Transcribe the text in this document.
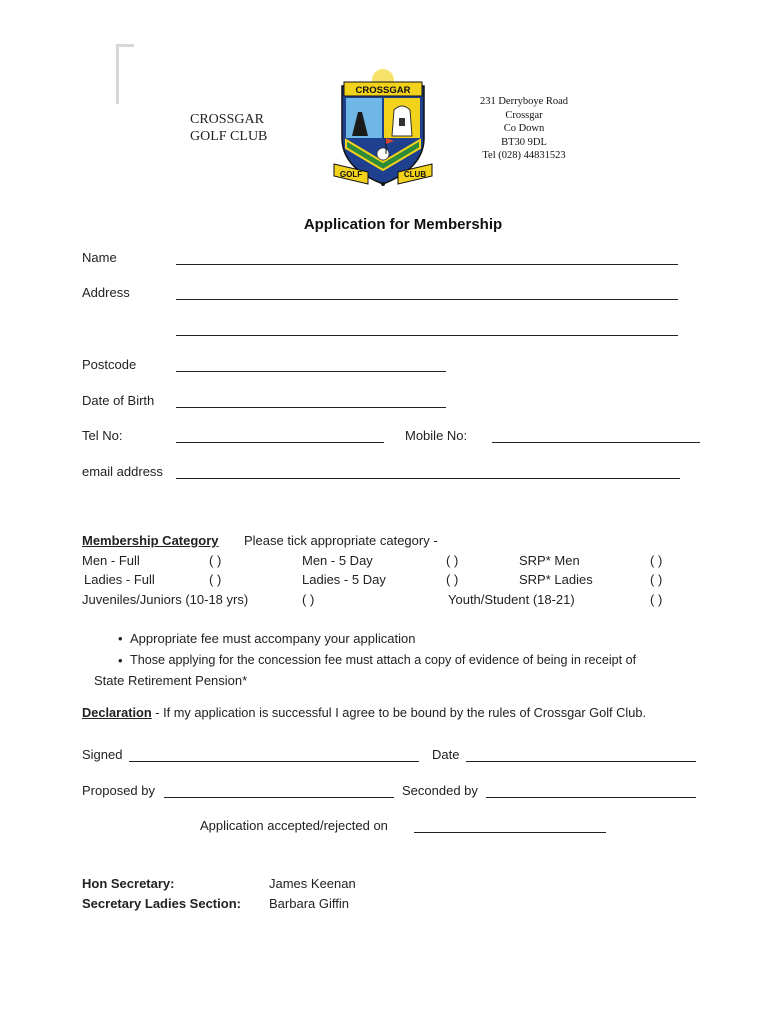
CROSSGAR
GOLF CLUB
CROSSGAR
GOLF	CLUB
231 Derryboye Road
Crossgar
Co Down
BT30 9DL
Tel (028) 44831523
Application for Membership
Name
Address
Postcode
Date of Birth
Tel No:	Mobile No:
email address
Membership Category Please tick appropriate category -
Men - Full	( )	Men - 5 Day	( )	SRP* Men	( )
Ladies - Full	( )	Ladies - 5 Day	( )	SRP* Ladies	( )
Juveniles/Juniors (10-18 yrs)	( )	Youth/Student (18-21)	( )
• Appropriate fee must accompany your application
• Those applying for the concession fee must attach a copy of evidence of being in receipt of
State Retirement Pension*
Declaration - If my application is successful I agree to be bound by the rules of Crossgar Golf Club.
Signed	Date
Proposed by	Seconded by
Application accepted/rejected on
Hon Secretary:	James Keenan
Secretary Ladies Section: Barbara Giffin
